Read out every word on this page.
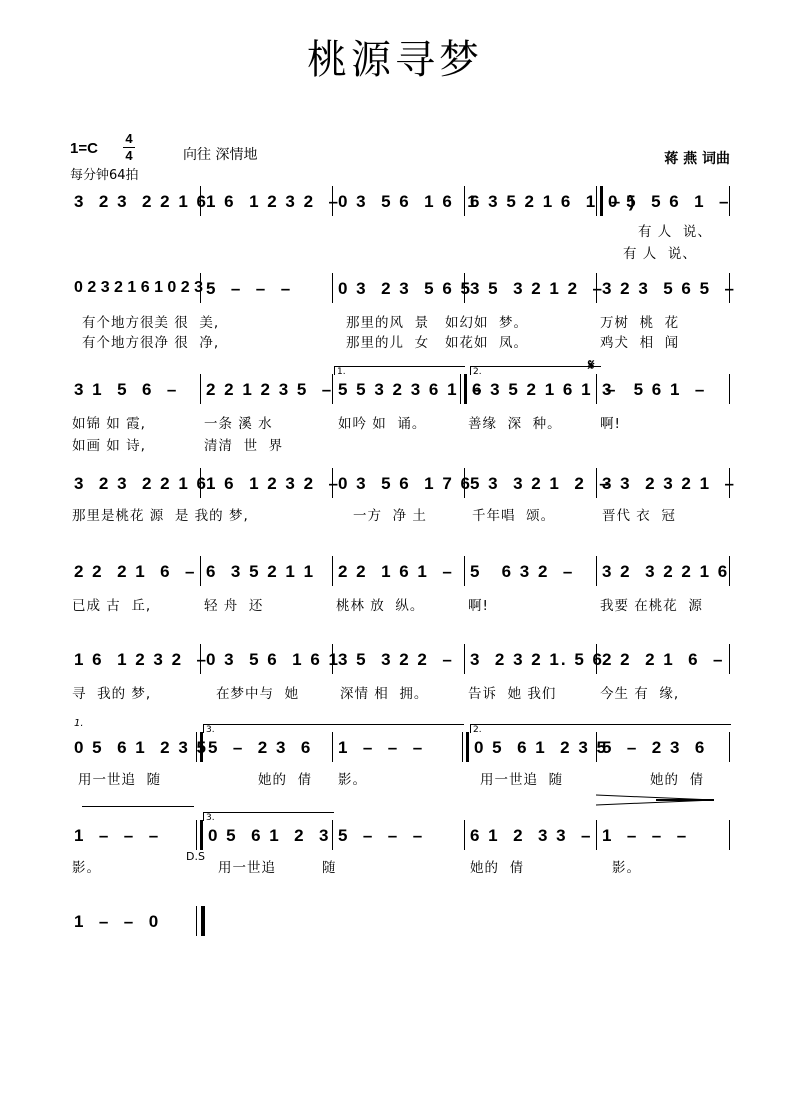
桃源寻梦
1=C
4
4	向往 深情地
每分钟64拍
蒋 燕 词曲
3  2 3  2 2 1 6
1 6  1 2 3 2  –
0 3  5 6  1 6  1
6 3 5 2 1 6  1  – )
0 5  5 6  1  –
有 人  说、
有 人  说、
0 2 3 2 1 6 1 0 2 3 5  –  –  –	0 3  2 3  5 6 5
3 5  3 2 1 2  –
3 2 3  5 6 5  –
有个地方很美 很  美,	那里的风  景   如幻如  梦。	万树  桃  花
有个地方很净 很  净,	那里的儿  女   如花如  凤。	鸡犬  相  闻
3 1  5  6  – 2 2 1 2 3 5  –
1.
5 5 3 2 3 6 1  –
2.
6 3 5 2 1 6 1  –
𝄋
3   5 6 1  –
如锦 如 霞,	一条 溪 水	如吟 如  诵。	善缘  深  种。	啊!
如画 如 诗,	清清  世  界
3  2 3  2 2 1 6
1 6  1 2 3 2  –
0 3  5 6  1 7 6
5 3  3 2 1  2  –
3 3  2 3 2 1  –
那里是桃花 源  是 我的 梦,	一方  净 土	千年唱  颂。	晋代 衣  冠
2 2  2 1  6  – 6  3 5 2 1 1 2 2  1 6 1  – 5   6 3 2  – 3 2  3 2 2 1 6
已成 古  丘,	轻 舟  还	桃林 放  纵。	啊!	我要 在桃花  源
1 6  1 2 3 2  –
0 3  5 6  1 6 1
3 5  3 2 2  – 3  2 3 2 1. 5 6
2 2  2 1  6  –
寻  我的 梦,	在梦中与  她	深情 相  拥。	告诉  她 我们	今生 有  缘,
1.
0 5  6 1  2 3 5
3.
5  –  2 3  6 1  –  –  –
2.
0 5  6 1  2 3 5
5  –  2 3  6
用一世追  随	她的  倩 影。	用一世追  随	她的  倩
1  –  –  –
3.
0 5  6 1  2  3 5  –  –  –	6 1  2  3 3  – 1  –  –  –
D.S
影。	用一世追	随	她的  倩	影。
1  –  –  0
